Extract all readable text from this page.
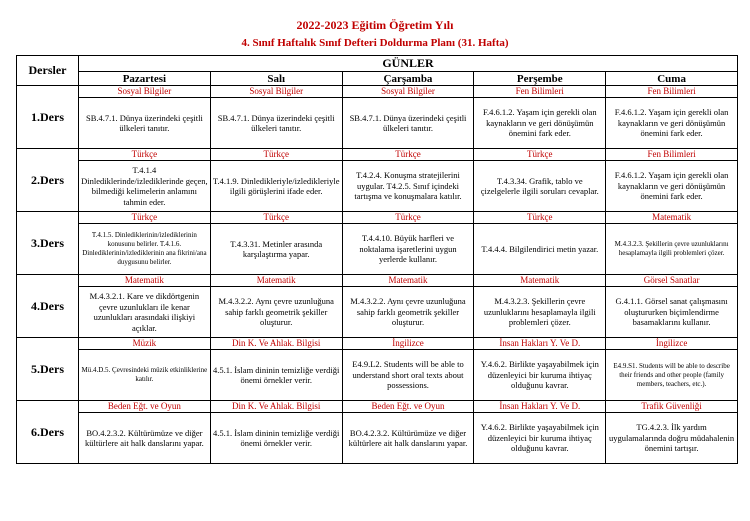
2022-2023 Eğitim Öğretim Yılı
4. Sınıf Haftalık Sınıf Defteri Doldurma Planı (31. Hafta)
Dersler	GÜNLER				
	Pazartesi	Salı	Çarşamba	Perşembe	Cuma
1.Ders	Sosyal Bilgiler	Sosyal Bilgiler	Sosyal Bilgiler	Fen Bilimleri	Fen Bilimleri
	SB.4.7.1. Dünya üzerindeki çeşitli ülkeleri tanıtır.	SB.4.7.1. Dünya üzerindeki çeşitli ülkeleri tanıtır.	SB.4.7.1. Dünya üzerindeki çeşitli ülkeleri tanıtır.	F.4.6.1.2. Yaşam için gerekli olan kaynakların ve geri dönüşümün önemini fark eder.	F.4.6.1.2. Yaşam için gerekli olan kaynakların ve geri dönüşümün önemini fark eder.
2.Ders	Türkçe	Türkçe	Türkçe	Türkçe	Fen Bilimleri
	T.4.1.4 Dinlediklerinde/izlediklerinde geçen, bilmediği kelimelerin anlamını tahmin eder.	T.4.1.9. Dinledikleriyle/izledikleriyle ilgili görüşlerini ifade eder.	T.4.2.4. Konuşma stratejilerini uygular. T4.2.5. Sınıf içindeki tartışma ve konuşmalara katılır.	T.4.3.34. Grafik, tablo ve çizelgelerle ilgili soruları cevaplar.	F.4.6.1.2. Yaşam için gerekli olan kaynakların ve geri dönüşümün önemini fark eder.
3.Ders	Türkçe	Türkçe	Türkçe	Türkçe	Matematik
	T.4.1.5. Dinlediklerinin/izlediklerinin konusunu belirler. T.4.1.6. Dinlediklerinin/izlediklerinin ana fikrini/ana duygusunu belirler.	T.4.3.31. Metinler arasında karşılaştırma yapar.	T.4.4.10. Büyük harfleri ve noktalama işaretlerini uygun yerlerde kullanır.	T.4.4.4. Bilgilendirici metin yazar.	M.4.3.2.3. Şekillerin çevre uzunluklarını hesaplamayla ilgili problemleri çözer.
4.Ders	Matematik	Matematik	Matematik	Matematik	Görsel Sanatlar
	M.4.3.2.1. Kare ve dikdörtgenin çevre uzunlukları ile kenar uzunlukları arasındaki ilişkiyi açıklar.	M.4.3.2.2. Aynı çevre uzunluğuna sahip farklı geometrik şekiller oluşturur.	M.4.3.2.2. Aynı çevre uzunluğuna sahip farklı geometrik şekiller oluşturur.	M.4.3.2.3. Şekillerin çevre uzunluklarını hesaplamayla ilgili problemleri çözer.	G.4.1.1. Görsel sanat çalışmasını oluştururken biçimlendirme basamaklarını kullanır.
5.Ders	Müzik	Din K. Ve Ahlak. Bilgisi	İngilizce	İnsan Hakları Y. Ve D.	İngilizce
	Mü.4.D.5. Çevresindeki müzik etkinliklerine katılır.	4.5.1. İslam dininin temizliğe verdiği önemi örnekler verir.	E4.9.L2. Students will be able to understand short oral texts about possessions.	Y.4.6.2. Birlikte yaşayabilmek için düzenleyici bir kuruma ihtiyaç olduğunu kavrar.	E4.9.S1. Students will be able to describe their friends and other people (family members, teachers, etc.).
6.Ders	Beden Eğt. ve Oyun	Din K. Ve Ahlak. Bilgisi	Beden Eğt. ve Oyun	İnsan Hakları Y. Ve D.	Trafik Güvenliği
	BO.4.2.3.2. Kültürümüze ve diğer kültürlere ait halk danslarını yapar.	4.5.1. İslam dininin temizliğe verdiği önemi örnekler verir.	BO.4.2.3.2. Kültürümüze ve diğer kültürlere ait halk danslarını yapar.	Y.4.6.2. Birlikte yaşayabilmek için düzenleyici bir kuruma ihtiyaç olduğunu kavrar.	TG.4.2.3. İlk yardım uygulamalarında doğru müdahalenin önemini tartışır.
